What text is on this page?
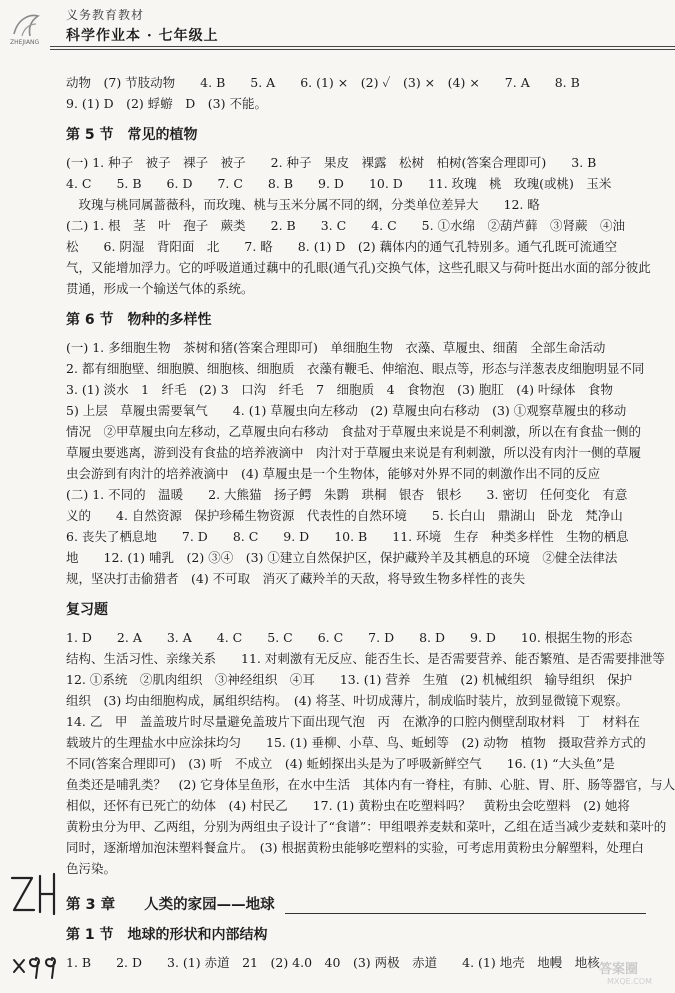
ZHEJIANG
义务教育教材
科学作业本 · 七年级上
动物　(7) 节肢动物　　4. B　　5. A　　6. (1) ×　(2) ✓　(3) ×　(4) ×　　7. A　　8. B
9. (1) D　(2) 蜉蝣　D　(3) 不能。
第 5 节　常见的植物
(一) 1. 种子　被子　裸子　被子　　2. 种子　果皮　裸露　松树　柏树(答案合理即可)　　3. B
4. C　　5. B　　6. D　　7. C　　8. B　　9. D　　10. D　　11. 玫瑰　桃　玫瑰(或桃)　玉米
　玫瑰与桃同属蔷薇科，而玫瑰、桃与玉米分属不同的纲，分类单位差异大　　12. 略
(二) 1. 根　茎　叶　孢子　蕨类　　2. B　　3. C　　4. C　　5. ①水绵　②葫芦藓　③肾蕨　④油
松　　6. 阴湿　背阳面　北　　7. 略　　8. (1) D　(2) 藕体内的通气孔特别多。通气孔既可流通空
气，又能增加浮力。它的呼吸道通过藕中的孔眼(通气孔)交换气体，这些孔眼又与荷叶挺出水面的部分彼此
贯通，形成一个输送气体的系统。
第 6 节　物种的多样性
(一) 1. 多细胞生物　茶树和猪(答案合理即可)　单细胞生物　衣藻、草履虫、细菌　全部生命活动
2. 都有细胞壁、细胞膜、细胞核、细胞质　衣藻有鞭毛、伸缩泡、眼点等，形态与洋葱表皮细胞明显不同
3. (1) 淡水　1　纤毛　(2) 3　口沟　纤毛　7　细胞质　4　食物泡　(3) 胞肛　(4) 叶绿体　食物
5) 上层　草履虫需要氧气　　4. (1) 草履虫向左移动　(2) 草履虫向右移动　(3) ①观察草履虫的移动
情况　②甲草履虫向左移动，乙草履虫向右移动　食盐对于草履虫来说是不利刺激，所以在有食盐一侧的
草履虫要逃离，游到没有食盐的培养液滴中　肉汁对于草履虫来说是有利刺激，所以没有肉汁一侧的草履
虫会游到有肉汁的培养液滴中　(4) 草履虫是一个生物体，能够对外界不同的刺激作出不同的反应
(二) 1. 不同的　温暖　　2. 大熊猫　扬子鳄　朱鹮　珙桐　银杏　银杉　　3. 密切　任何变化　有意
义的　　4. 自然资源　保护珍稀生物资源　代表性的自然环境　　5. 长白山　鼎湖山　卧龙　梵净山
6. 丧失了栖息地　　7. D　　8. C　　9. D　　10. B　　11. 环境　生存　种类多样性　生物的栖息
地　　12. (1) 哺乳　(2) ③④　(3) ①建立自然保护区，保护藏羚羊及其栖息的环境　②健全法律法
规，坚决打击偷猎者　(4) 不可取　消灭了藏羚羊的天敌，将导致生物多样性的丧失
复习题
1. D　　2. A　　3. A　　4. C　　5. C　　6. C　　7. D　　8. D　　9. D　　10. 根据生物的形态
结构、生活习性、亲缘关系　　11. 对刺激有无反应、能否生长、是否需要营养、能否繁殖、是否需要排泄等
12. ①系统　②肌肉组织　③神经组织　④耳　　13. (1) 营养　生殖　(2) 机械组织　输导组织　保护
组织　(3) 均由细胞构成，属组织结构。　(4) 将茎、叶切成薄片，制成临时装片，放到显微镜下观察。
14. 乙　甲　盖盖玻片时尽量避免盖玻片下面出现气泡　丙　在漱净的口腔内侧壁刮取材料　丁　材料在
载玻片的生理盐水中应涂抹均匀　　15. (1) 垂柳、小草、鸟、蚯蚓等　(2) 动物　植物　摄取营养方式的
不同(答案合理即可)　(3) 听　不成立　(4) 蚯蚓探出头是为了呼吸新鲜空气　　16. (1) “大头鱼”是
鱼类还是哺乳类？　(2) 它身体呈鱼形，在水中生活　其体内有一脊柱，有肺、心脏、胃、肝、肠等器官，与人
相似，还怀有已死亡的幼体　(4) 村民乙　　17. (1) 黄粉虫在吃塑料吗？　黄粉虫会吃塑料　(2) 她将
黄粉虫分为甲、乙两组，分别为两组虫子设计了“食谱”：甲组喂养麦麸和菜叶，乙组在适当减少麦麸和菜叶的
同时，逐渐增加泡沫塑料餐盒片。　(3) 根据黄粉虫能够吃塑料的实验，可考虑用黄粉虫分解塑料，处理白
色污染。
第 3 章　　人类的家园——地球
第 1 节　地球的形状和内部结构
1. B　　2. D　　3. (1) 赤道　21　(2) 4.0　40　(3) 两极　赤道　　4. (1) 地壳　地幔　地核 答案圈
MXQE.COM
